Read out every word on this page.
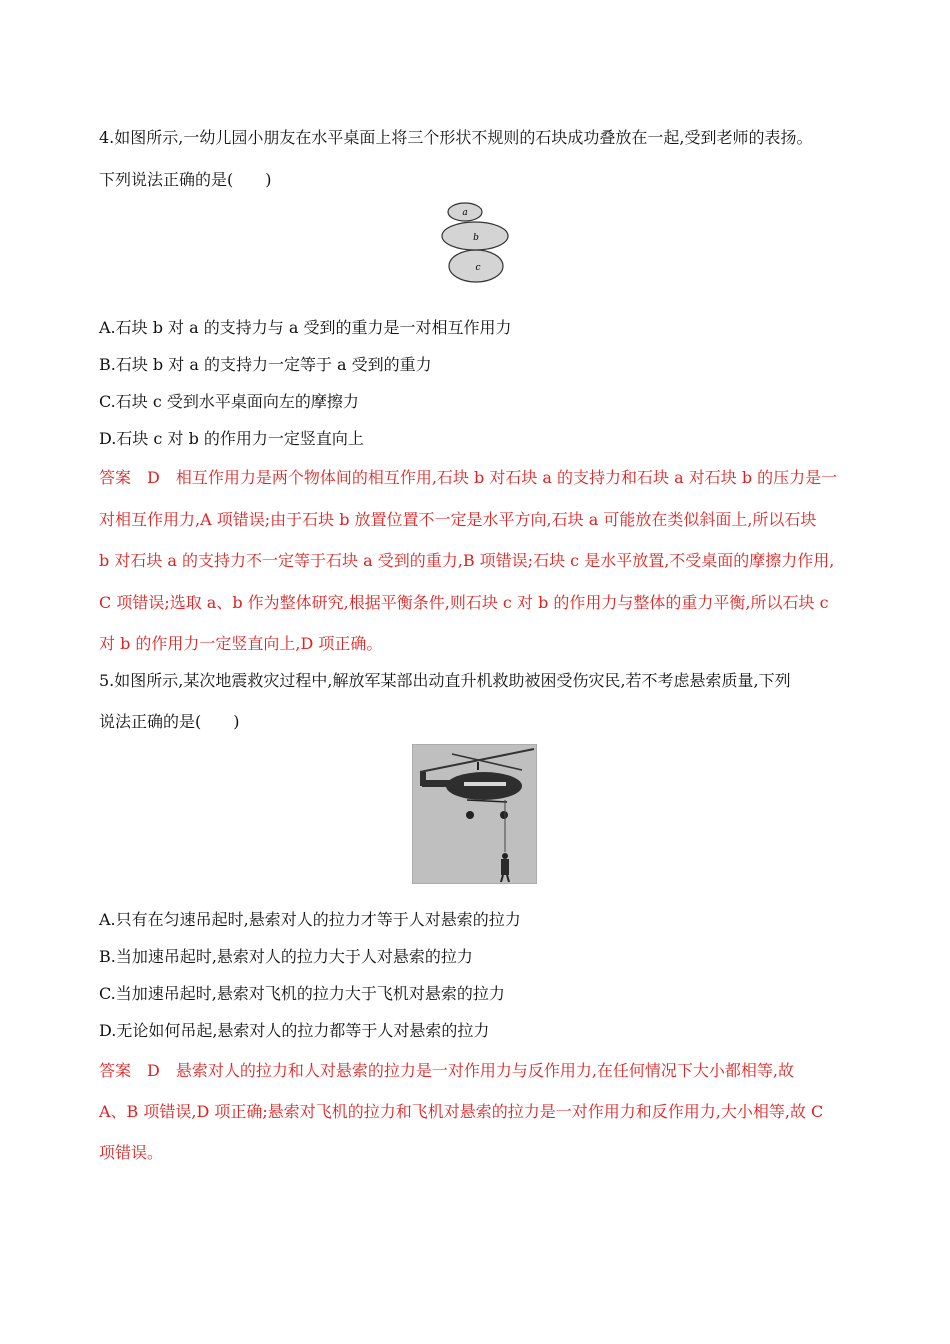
4.如图所示,一幼儿园小朋友在水平桌面上将三个形状不规则的石块成功叠放在一起,受到老师的表扬。
下列说法正确的是(　　)
a
b
c
A.石块 b 对 a 的支持力与 a 受到的重力是一对相互作用力
B.石块 b 对 a 的支持力一定等于 a 受到的重力
C.石块 c 受到水平桌面向左的摩擦力
D.石块 c 对 b 的作用力一定竖直向上
答案　D　相互作用力是两个物体间的相互作用,石块 b 对石块 a 的支持力和石块 a 对石块 b 的压力是一
对相互作用力,A 项错误;由于石块 b 放置位置不一定是水平方向,石块 a 可能放在类似斜面上,所以石块
b 对石块 a 的支持力不一定等于石块 a 受到的重力,B 项错误;石块 c 是水平放置,不受桌面的摩擦力作用,
C 项错误;选取 a、b 作为整体研究,根据平衡条件,则石块 c 对 b 的作用力与整体的重力平衡,所以石块 c
对 b 的作用力一定竖直向上,D 项正确。
5.如图所示,某次地震救灾过程中,解放军某部出动直升机救助被困受伤灾民,若不考虑悬索质量,下列
说法正确的是(　　)
A.只有在匀速吊起时,悬索对人的拉力才等于人对悬索的拉力
B.当加速吊起时,悬索对人的拉力大于人对悬索的拉力
C.当加速吊起时,悬索对飞机的拉力大于飞机对悬索的拉力
D.无论如何吊起,悬索对人的拉力都等于人对悬索的拉力
答案　D　悬索对人的拉力和人对悬索的拉力是一对作用力与反作用力,在任何情况下大小都相等,故
A、B 项错误,D 项正确;悬索对飞机的拉力和飞机对悬索的拉力是一对作用力和反作用力,大小相等,故 C
项错误。
